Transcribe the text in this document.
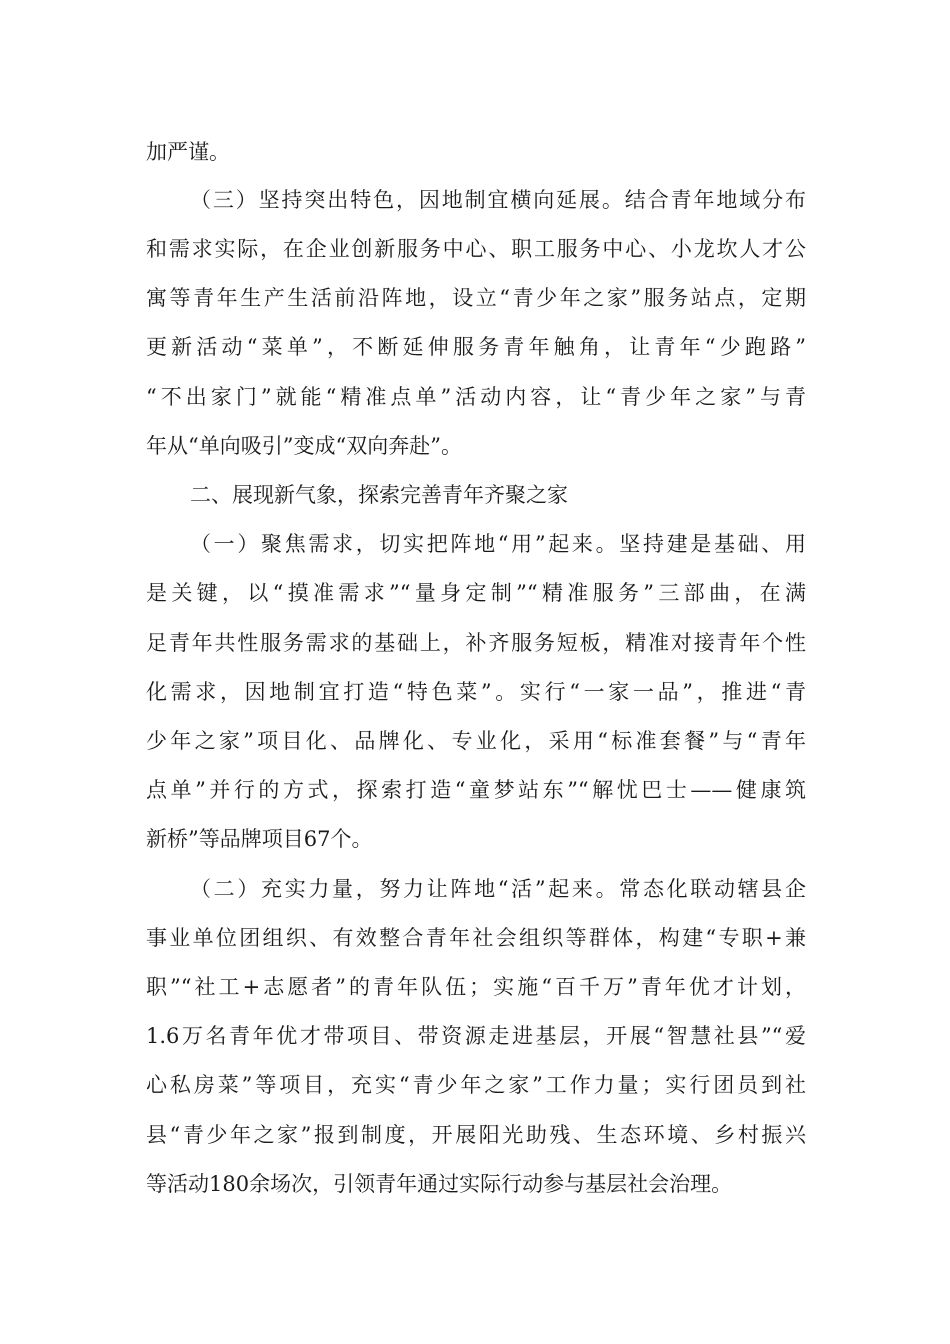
加严谨。
（三）坚持突出特色，因地制宜横向延展。结合青年地域分布
和需求实际，在企业创新服务中心、职工服务中心、小龙坎人才公
寓等青年生产生活前沿阵地，设立“青少年之家”服务站点，定期
更新活动“菜单”，不断延伸服务青年触角，让青年“少跑路”
“不出家门”就能“精准点单”活动内容，让“青少年之家”与青
年从“单向吸引”变成“双向奔赴”。
二、展现新气象，探索完善青年齐聚之家
（一）聚焦需求，切实把阵地“用”起来。坚持建是基础、用
是关键，以“摸准需求”“量身定制”“精准服务”三部曲，在满
足青年共性服务需求的基础上，补齐服务短板，精准对接青年个性
化需求，因地制宜打造“特色菜”。实行“一家一品”，推进“青
少年之家”项目化、品牌化、专业化，采用“标准套餐”与“青年
点单”并行的方式，探索打造“童梦站东”“解忧巴士——健康筑
新桥”等品牌项目67个。
（二）充实力量，努力让阵地“活”起来。常态化联动辖县企
事业单位团组织、有效整合青年社会组织等群体，构建“专职+兼
职”“社工+志愿者”的青年队伍；实施“百千万”青年优才计划，
1.6万名青年优才带项目、带资源走进基层，开展“智慧社县”“爱
心私房菜”等项目，充实“青少年之家”工作力量；实行团员到社
县“青少年之家”报到制度，开展阳光助残、生态环境、乡村振兴
等活动180余场次，引领青年通过实际行动参与基层社会治理。
